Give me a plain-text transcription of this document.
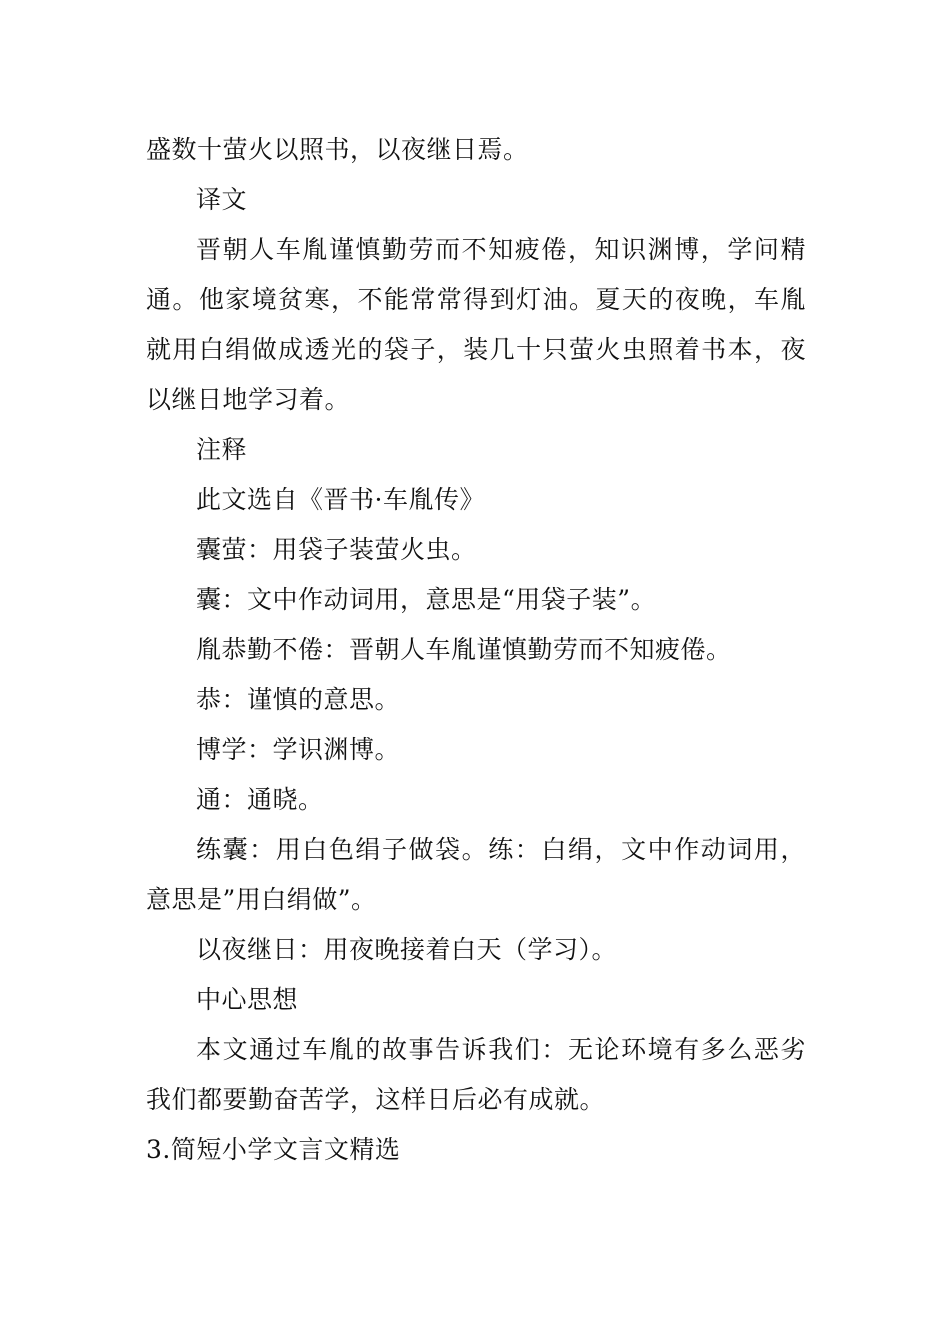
盛数十萤火以照书，以夜继日焉。
译文
晋朝人车胤谨慎勤劳而不知疲倦，知识渊博，学问精
通。他家境贫寒，不能常常得到灯油。夏天的夜晚，车胤
就用白绢做成透光的袋子，装几十只萤火虫照着书本，夜
以继日地学习着。
注释
此文选自《晋书·车胤传》
囊萤：用袋子装萤火虫。
囊：文中作动词用，意思是“用袋子装”。
胤恭勤不倦：晋朝人车胤谨慎勤劳而不知疲倦。
恭：谨慎的意思。
博学：学识渊博。
通：通晓。
练囊：用白色绢子做袋。练：白绢，文中作动词用，
意思是”用白绢做”。
以夜继日：用夜晚接着白天（学习）。
中心思想
本文通过车胤的故事告诉我们：无论环境有多么恶劣
我们都要勤奋苦学，这样日后必有成就。
3.简短小学文言文精选
